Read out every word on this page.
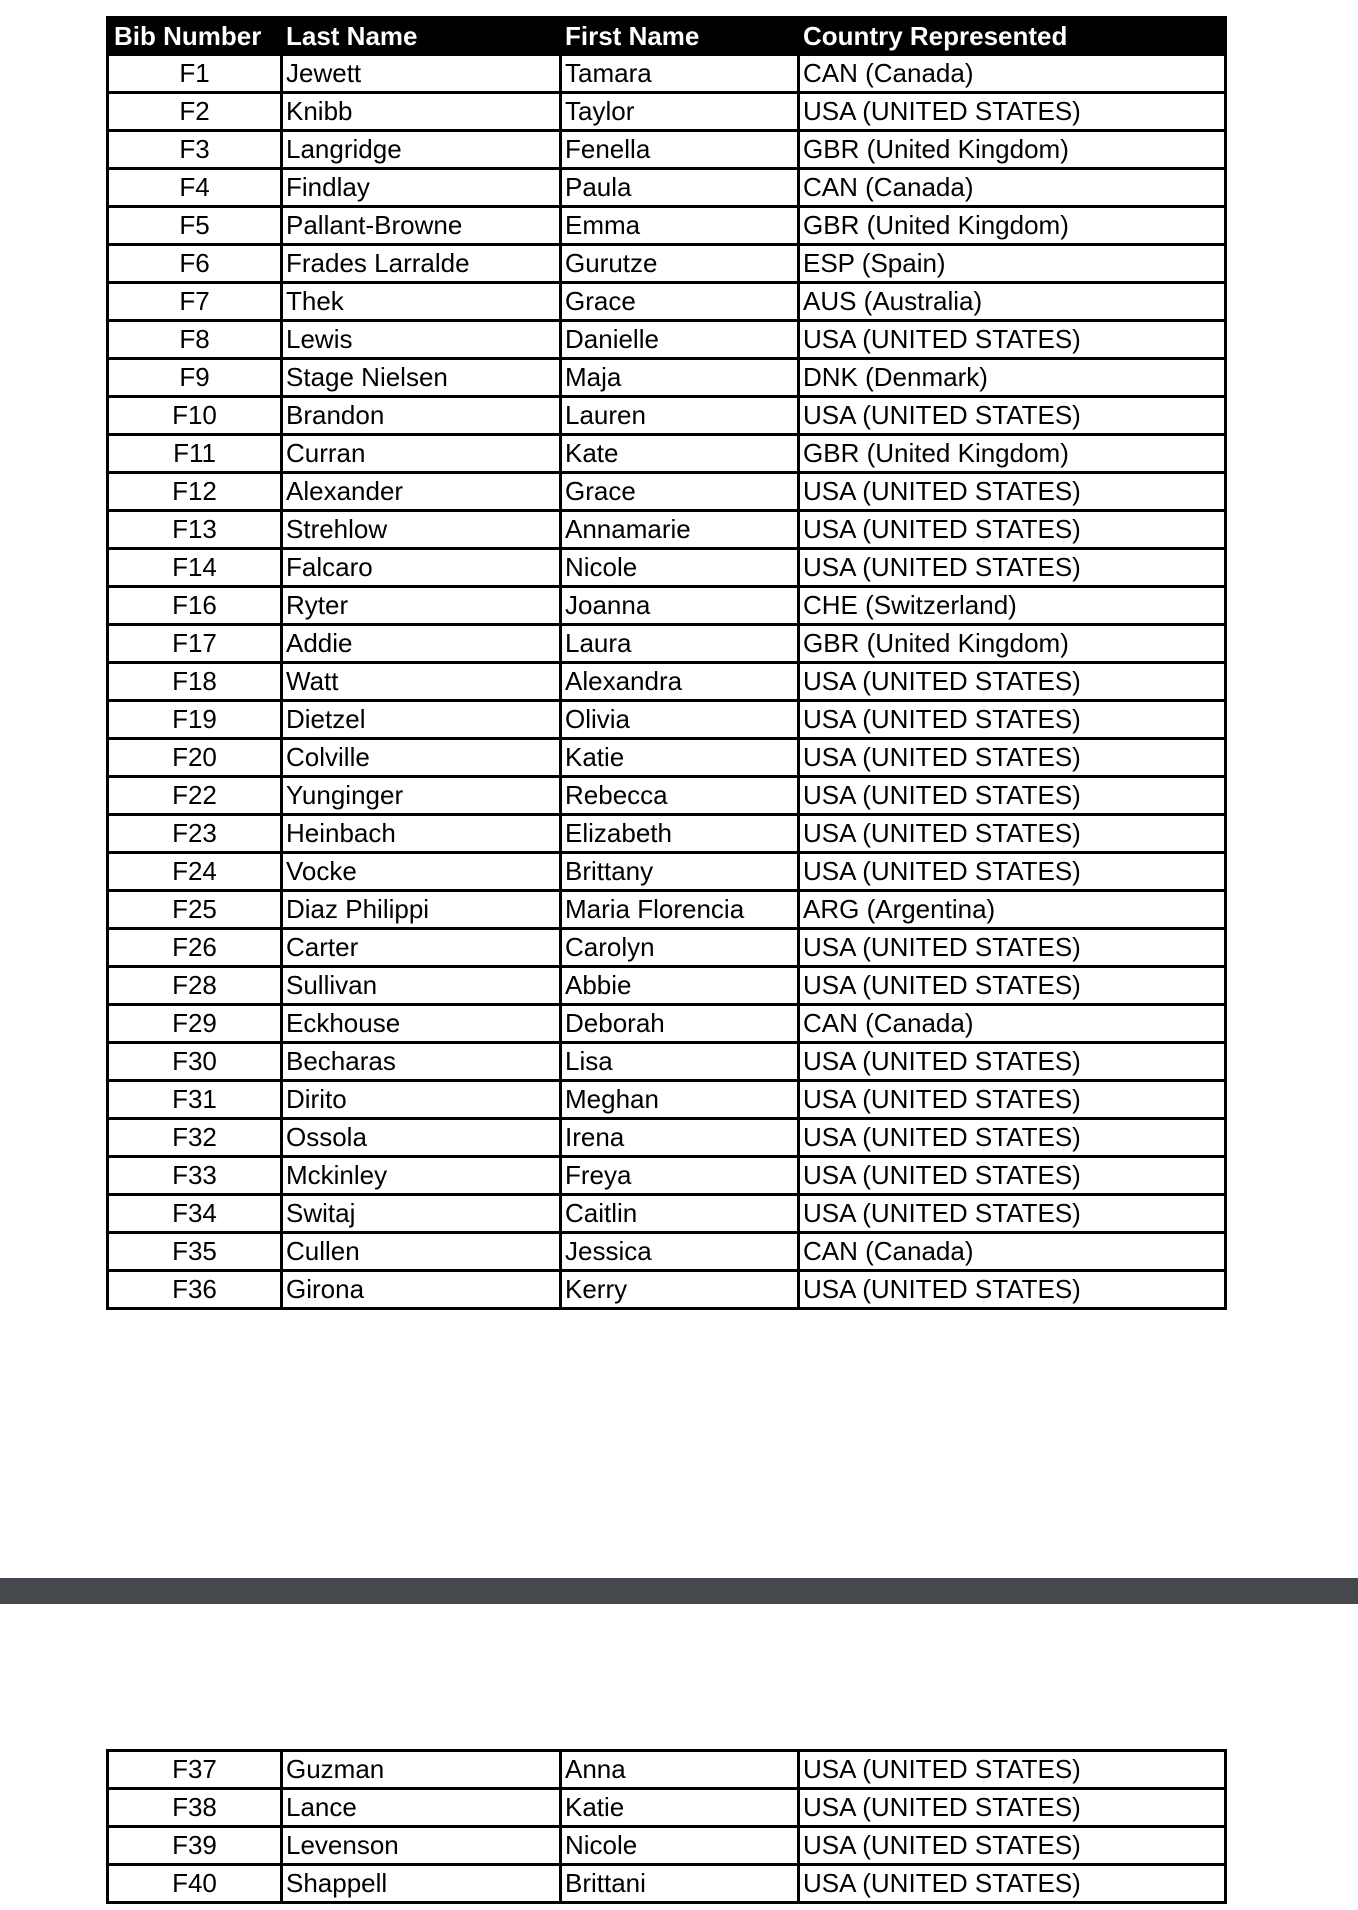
Bib Number	Last Name	First Name	Country Represented
F1	Jewett	Tamara	CAN (Canada)
F2	Knibb	Taylor	USA (UNITED STATES)
F3	Langridge	Fenella	GBR (United Kingdom)
F4	Findlay	Paula	CAN (Canada)
F5	Pallant-Browne	Emma	GBR (United Kingdom)
F6	Frades Larralde	Gurutze	ESP (Spain)
F7	Thek	Grace	AUS (Australia)
F8	Lewis	Danielle	USA (UNITED STATES)
F9	Stage Nielsen	Maja	DNK (Denmark)
F10	Brandon	Lauren	USA (UNITED STATES)
F11	Curran	Kate	GBR (United Kingdom)
F12	Alexander	Grace	USA (UNITED STATES)
F13	Strehlow	Annamarie	USA (UNITED STATES)
F14	Falcaro	Nicole	USA (UNITED STATES)
F16	Ryter	Joanna	CHE (Switzerland)
F17	Addie	Laura	GBR (United Kingdom)
F18	Watt	Alexandra	USA (UNITED STATES)
F19	Dietzel	Olivia	USA (UNITED STATES)
F20	Colville	Katie	USA (UNITED STATES)
F22	Yunginger	Rebecca	USA (UNITED STATES)
F23	Heinbach	Elizabeth	USA (UNITED STATES)
F24	Vocke	Brittany	USA (UNITED STATES)
F25	Diaz Philippi	Maria Florencia	ARG (Argentina)
F26	Carter	Carolyn	USA (UNITED STATES)
F28	Sullivan	Abbie	USA (UNITED STATES)
F29	Eckhouse	Deborah	CAN (Canada)
F30	Becharas	Lisa	USA (UNITED STATES)
F31	Dirito	Meghan	USA (UNITED STATES)
F32	Ossola	Irena	USA (UNITED STATES)
F33	Mckinley	Freya	USA (UNITED STATES)
F34	Switaj	Caitlin	USA (UNITED STATES)
F35	Cullen	Jessica	CAN (Canada)
F36	Girona	Kerry	USA (UNITED STATES)
F37	Guzman	Anna	USA (UNITED STATES)
F38	Lance	Katie	USA (UNITED STATES)
F39	Levenson	Nicole	USA (UNITED STATES)
F40	Shappell	Brittani	USA (UNITED STATES)
